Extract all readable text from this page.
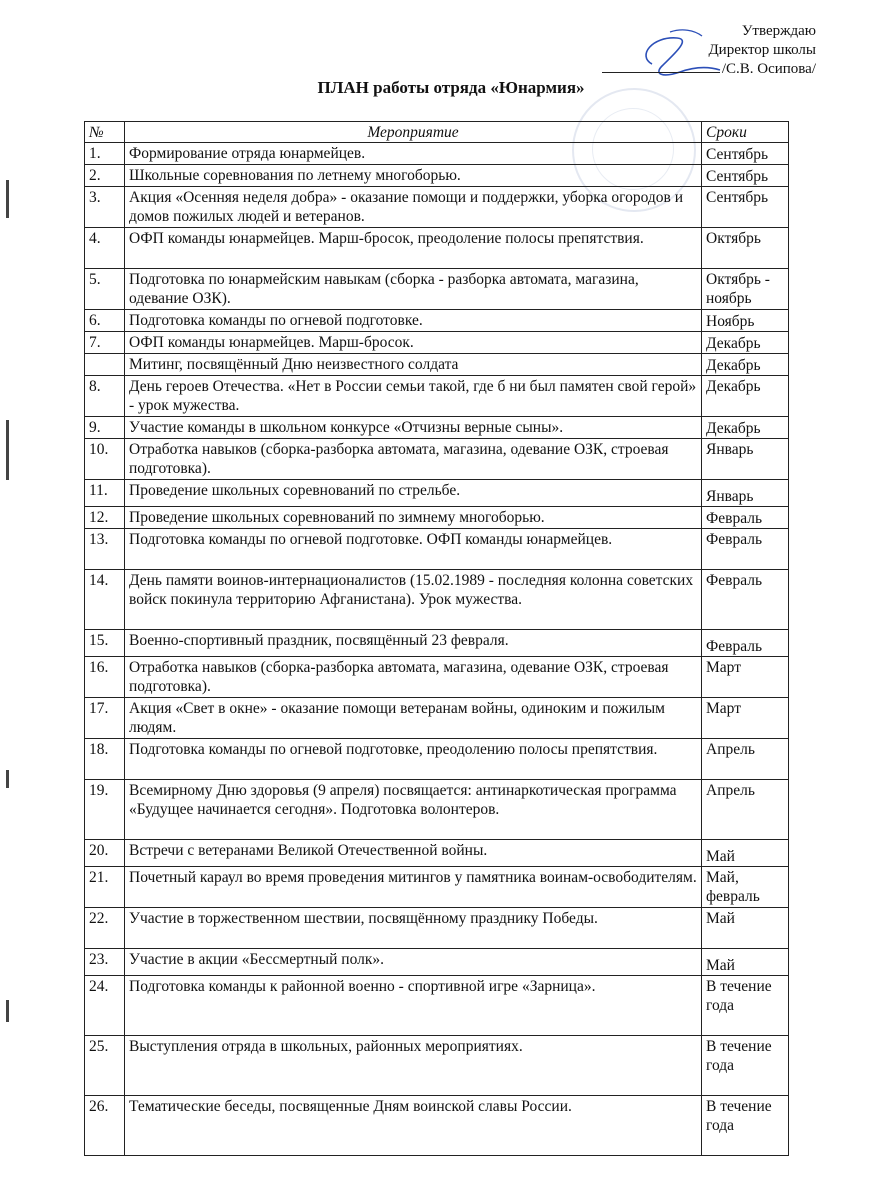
Утверждаю
Директор школы
/С.В. Осипова/
ПЛАН работы отряда «Юнармия»
№	Мероприятие	Сроки
1.	Формирование отряда юнармейцев.	Сентябрь
2.	Школьные соревнования по летнему многоборью.	Сентябрь
3.	Акция «Осенняя неделя добра» - оказание помощи и поддержки, уборка огородов и домов пожилых людей и ветеранов.	Сентябрь
4.	ОФП команды юнармейцев. Марш-бросок, преодоление полосы препятствия.	Октябрь
5.	Подготовка по юнармейским навыкам (сборка - разборка автомата, магазина, одевание ОЗК).	Октябрь - ноябрь
6.	Подготовка команды по огневой подготовке.	Ноябрь
7.	ОФП команды юнармейцев. Марш-бросок.	Декабрь
	Митинг, посвящённый Дню неизвестного солдата	Декабрь
8.	День героев Отечества. «Нет в России семьи такой, где б ни был памятен свой герой» - урок мужества.	Декабрь
9.	Участие команды в школьном конкурсе «Отчизны верные сыны».	Декабрь
10.	Отработка навыков (сборка-разборка автомата, магазина, одевание ОЗК, строевая подготовка).	Январь
11.	Проведение школьных соревнований по стрельбе.	Январь
12.	Проведение школьных соревнований по зимнему многоборью.	Февраль
13.	Подготовка команды по огневой подготовке. ОФП команды юнармейцев.	Февраль
14.	День памяти воинов-интернационалистов (15.02.1989 - последняя колонна советских войск покинула территорию Афганистана). Урок мужества.	Февраль
15.	Военно-спортивный праздник, посвящённый 23 февраля.	Февраль
16.	Отработка навыков (сборка-разборка автомата, магазина, одевание ОЗК, строевая подготовка).	Март
17.	Акция «Свет в окне» - оказание помощи ветеранам войны, одиноким и пожилым людям.	Март
18.	Подготовка команды по огневой подготовке, преодолению полосы препятствия.	Апрель
19.	Всемирному Дню здоровья (9 апреля) посвящается: антинаркотическая программа «Будущее начинается сегодня». Подготовка волонтеров.	Апрель
20.	Встречи с ветеранами Великой Отечественной войны.	Май
21.	Почетный караул во время проведения митингов у памятника воинам-освободителям.	Май, февраль
22.	Участие в торжественном шествии, посвящённому празднику Победы.	Май
23.	Участие в акции «Бессмертный полк».	Май
24.	Подготовка команды к районной военно - спортивной игре «Зарница».	В течение года
25.	Выступления отряда в школьных, районных мероприятиях.	В течение года
26.	Тематические беседы, посвященные Дням воинской славы России.	В течение года
